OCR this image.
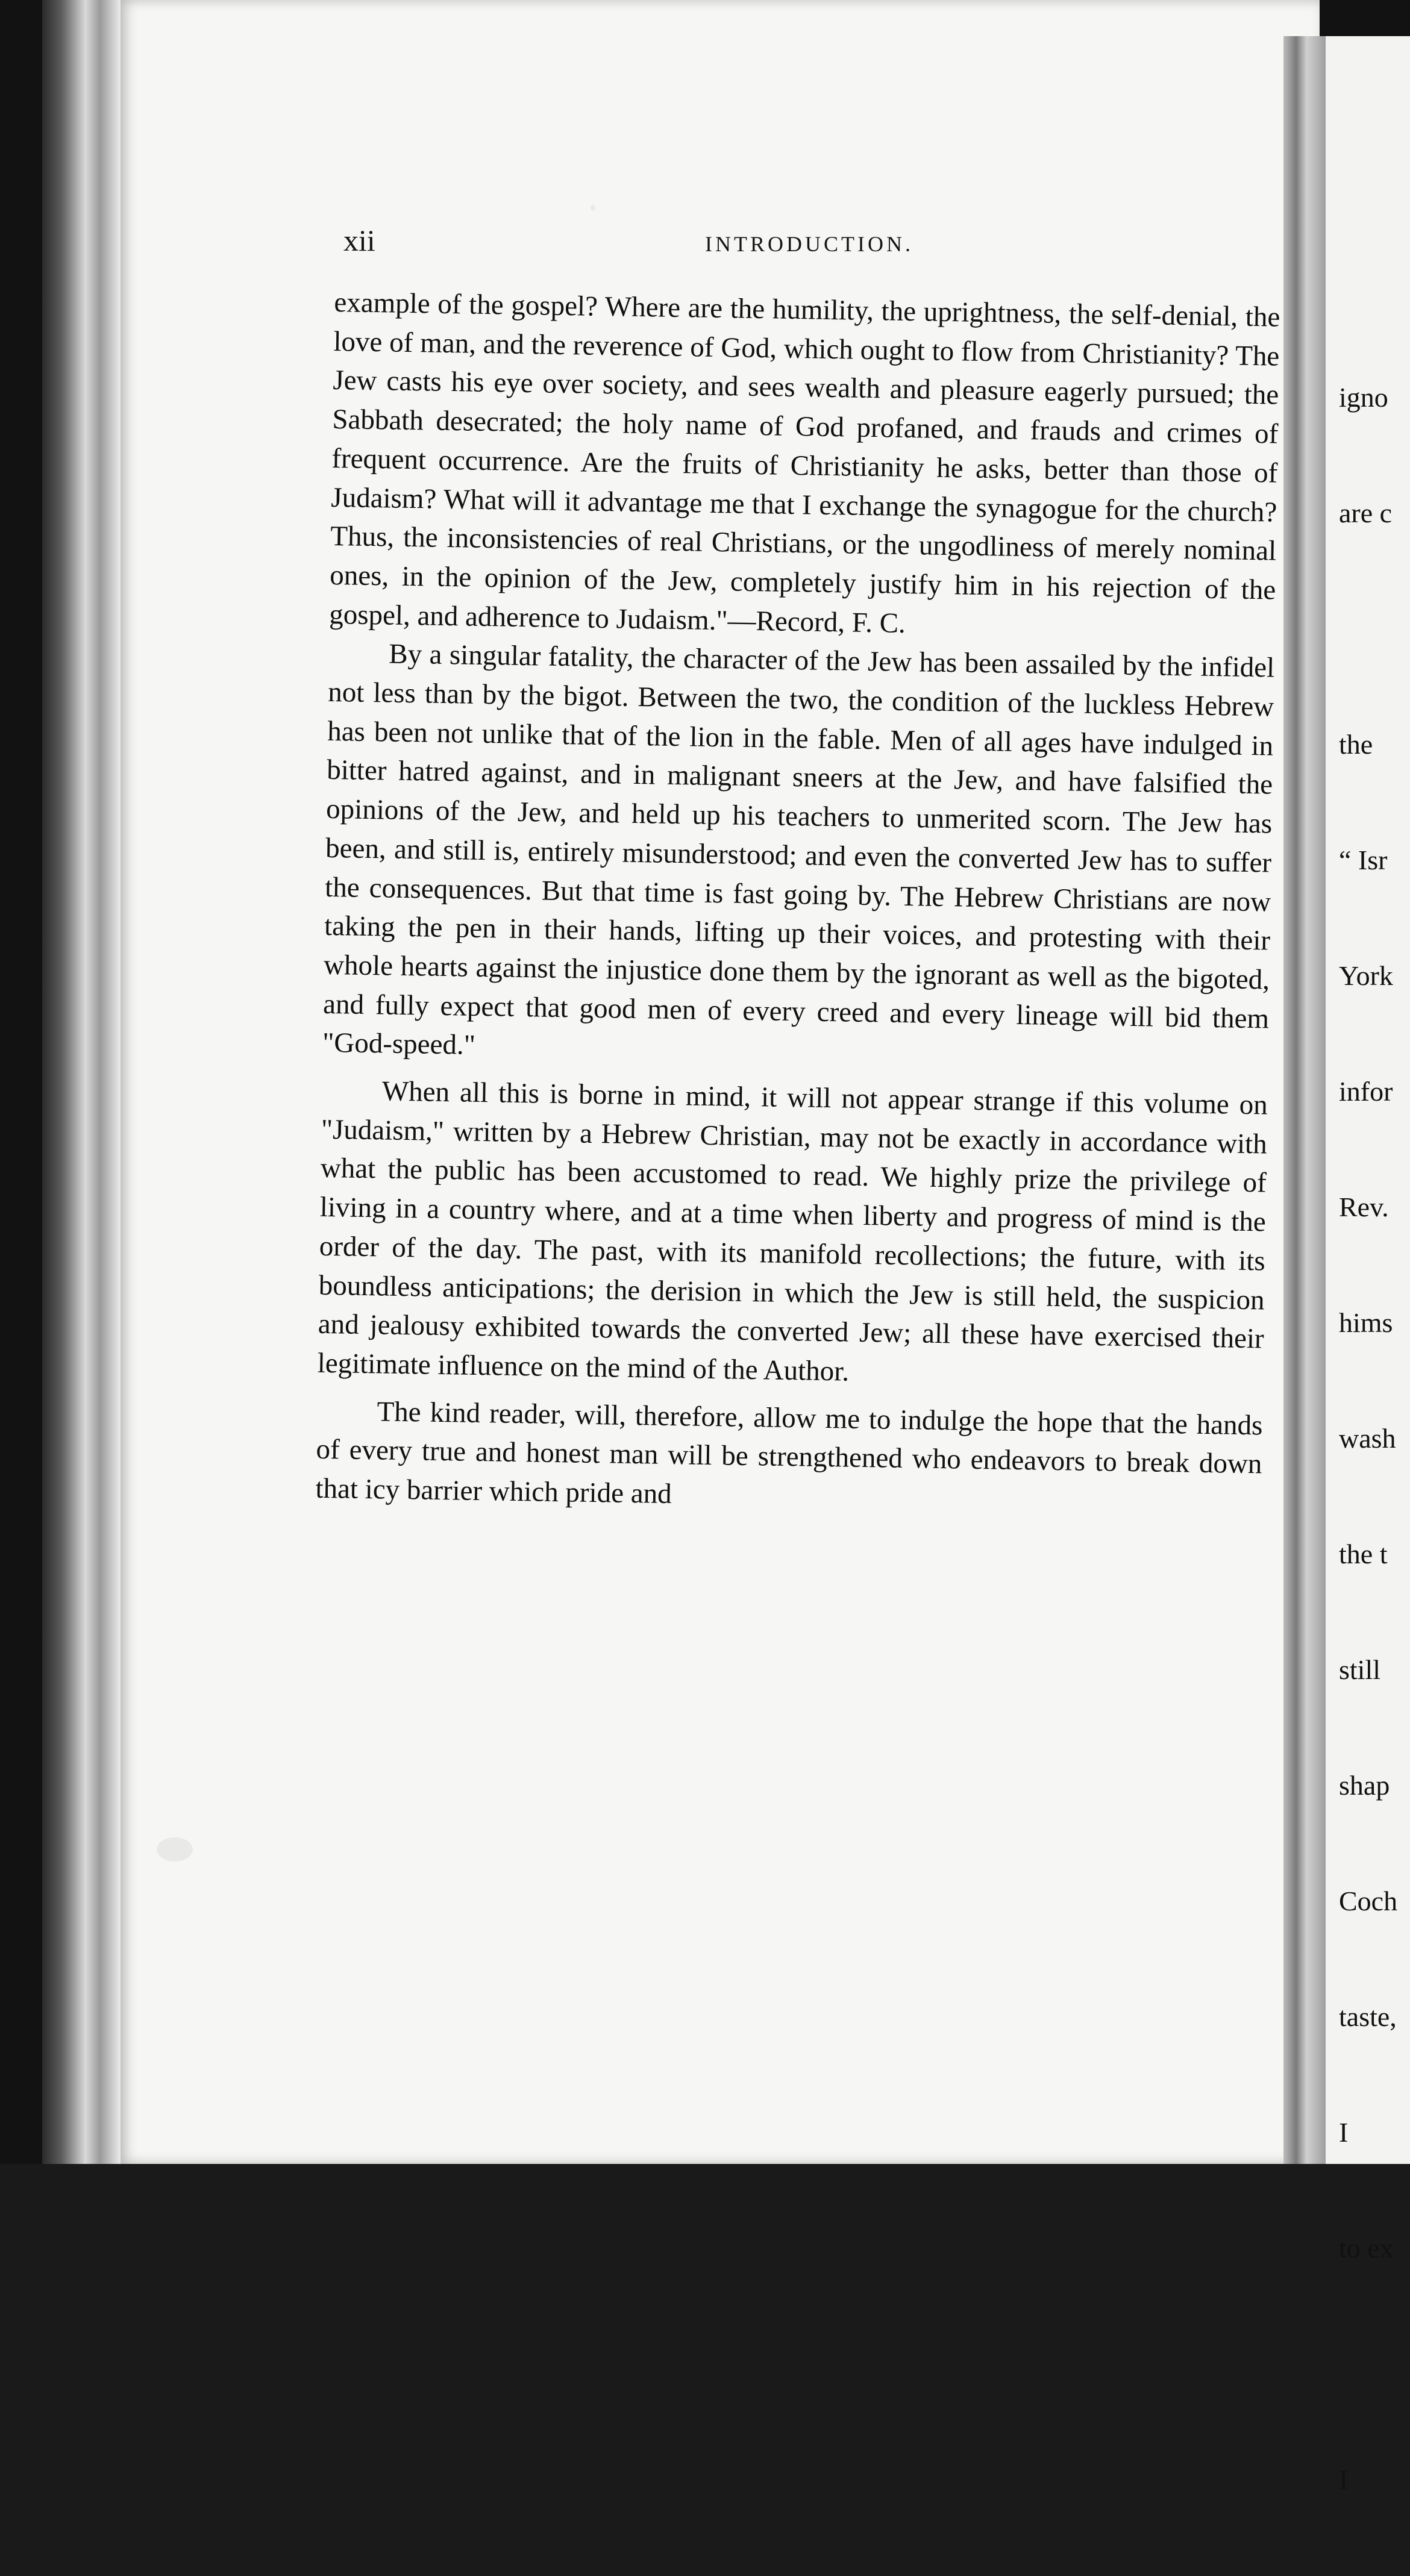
xii	INTRODUCTION.

example of the gospel? Where are the humility, the uprightness, the self-denial, the love of man, and the reverence of God, which ought to flow from Christianity? The Jew casts his eye over society, and sees wealth and pleasure eagerly pursued; the Sabbath desecrated; the holy name of God profaned, and frauds and crimes of frequent occurrence. Are the fruits of Christianity he asks, better than those of Judaism? What will it advantage me that I exchange the synagogue for the church? Thus, the inconsistencies of real Christians, or the ungodliness of merely nominal ones, in the opinion of the Jew, completely justify him in his rejection of the gospel, and adherence to Judaism."—Record, F. C.

By a singular fatality, the character of the Jew has been assailed by the infidel not less than by the bigot. Between the two, the condition of the luckless Hebrew has been not unlike that of the lion in the fable. Men of all ages have indulged in bitter hatred against, and in malignant sneers at the Jew, and have falsified the opinions of the Jew, and held up his teachers to unmerited scorn. The Jew has been, and still is, entirely misunderstood; and even the converted Jew has to suffer the consequences. But that time is fast going by. The Hebrew Christians are now taking the pen in their hands, lifting up their voices, and protesting with their whole hearts against the injustice done them by the ignorant as well as the bigoted, and fully expect that good men of every creed and every lineage will bid them "God-speed."

When all this is borne in mind, it will not appear strange if this volume on "Judaism," written by a Hebrew Christian, may not be exactly in accordance with what the public has been accustomed to read. We highly prize the privilege of living in a country where, and at a time when liberty and progress of mind is the order of the day. The past, with its manifold recollections; the future, with its boundless anticipations; the derision in which the Jew is still held, the suspicion and jealousy exhibited towards the converted Jew; all these have exercised their legitimate influence on the mind of the Author.

The kind reader, will, therefore, allow me to indulge the hope that the hands of every true and honest man will be strengthened who endeavors to break down that icy barrier which pride and

igno

are c

the

“ Isr

York

infor

Rev.

hims

wash

the t

still

shap

Coch

taste,

I

to ex

I
